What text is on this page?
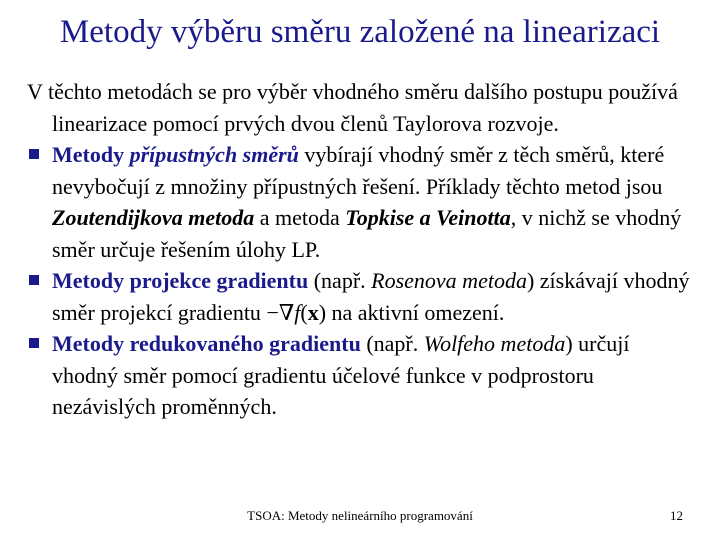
Metody výběru směru založené na linearizaci

V těchto metodách se pro výběr vhodného směru dalšího postupu používá linearizace pomocí prvých dvou členů Taylorova rozvoje.

Metody přípustných směrů vybírají vhodný směr z těch směrů, které nevybočují z množiny přípustných řešení. Příklady těchto metod jsou Zoutendijkova metoda a metoda Topkise a Veinotta, v nichž se vhodný směr určuje řešením úlohy LP.

Metody projekce gradientu (např. Rosenova metoda) získávají vhodný směr projekcí gradientu −∇f(x) na aktivní omezení.

Metody redukovaného gradientu (např. Wolfeho metoda) určují vhodný směr pomocí gradientu účelové funkce v podprostoru nezávislých proměnných.

TSOA: Metody nelineárního programování	12
